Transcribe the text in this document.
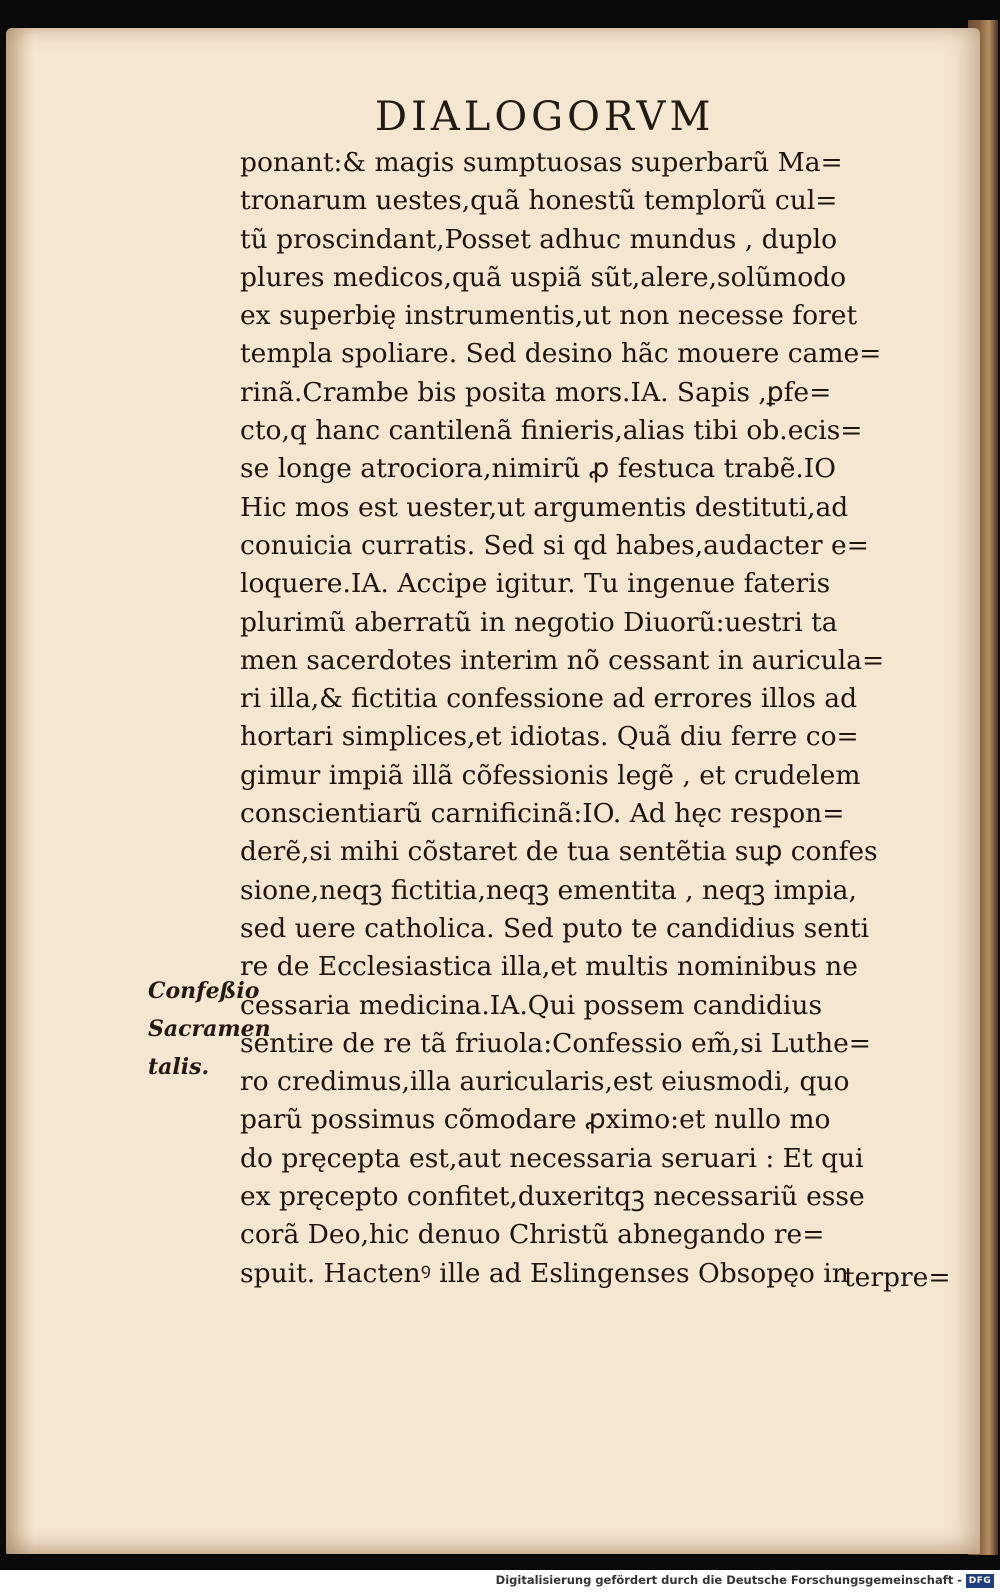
DIALOGORVM
ponant:& magis sumptuosas superbarũ Ma=
tronarum uestes,quã honestũ templorũ cul=
tũ proscindant,Posset adhuc mundus , duplo
plures medicos,quã uspiã sũt,alere,solũmodo
ex superbię instrumentis,ut non necesse foret
templa spoliare. Sed desino hãc mouere came=
rinã.Crambe bis posita mors.IA. Sapis ,ꝑfe=
cto,q hanc cantilenã finieris,alias tibi ob.ecis=
se longe atrociora,nimirũ ꝓ festuca trabẽ.IO
Hic mos est uester,ut argumentis destituti,ad
conuicia curratis. Sed si qd habes,audacter e=
loquere.IA. Accipe igitur. Tu ingenue fateris
plurimũ aberratũ in negotio Diuorũ:uestri ta
men sacerdotes interim nõ cessant in auricula=
ri illa,& fictitia confessione ad errores illos ad
hortari simplices,et idiotas. Quã diu ferre co=
gimur impiã illã cõfessionis legẽ , et crudelem
conscientiarũ carnificinã:IO. Ad hęc respon=
derẽ,si mihi cõstaret de tua sentẽtia suꝑ confes
sione,neqꝫ fictitia,neqꝫ ementita , neqꝫ impia,
sed uere catholica. Sed puto te candidius senti
re de Ecclesiastica illa,et multis nominibus ne
cessaria medicina.IA.Qui possem candidius
sentire de re tã friuola:Confessio em̃,si Luthe=
ro credimus,illa auricularis,est eiusmodi, quo
parũ possimus cõmodare ꝓximo:et nullo mo
do pręcepta est,aut necessaria seruari : Et qui
ex pręcepto confitet,duxeritqꝫ necessariũ esse
corã Deo,hic denuo Christũ abnegando re=
spuit. Hactenꝰ ille ad Eslingenses Obsopęo in
Confeßio
Sacramen
talis.

terpre=

Digitalisierung gefördert durch die Deutsche Forschungsgemeinschaft - DFG
